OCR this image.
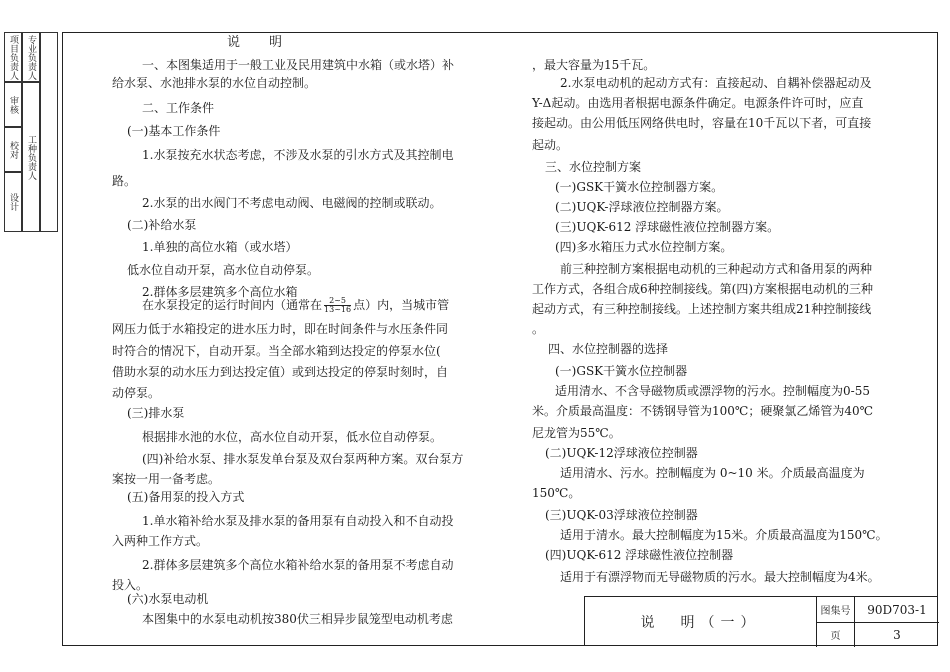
项目负责人
审核
校对
设计
专业负责人
工种负责人
说　　明
一、本图集适用于一般工业及民用建筑中水箱（或水塔）补
给水泵、水池排水泵的水位自动控制。
二、工作条件
(一)基本工作条件
1.水泵按充水状态考虑，不涉及水泵的引水方式及其控制电
路。
2.水泵的出水阀门不考虑电动阀、电磁阀的控制或联动。
(二)补给水泵
1.单独的高位水箱（或水塔）
低水位自动开泵，高水位自动停泵。
2.群体多层建筑多个高位水箱
在水泵投定的运行时间内（通常在 $\frac{2\sim 5}{13\sim 16}$ 点）内，当城市管
网压力低于水箱投定的进水压力时，即在时间条件与水压条件同
时符合的情况下，自动开泵。当全部水箱到达投定的停泵水位(
借助水泵的动水压力到达投定值）或到达投定的停泵时刻时，自
动停泵。
(三)排水泵
根据排水池的水位，高水位自动开泵，低水位自动停泵。
(四)补给水泵、排水泵发单台泵及双台泵两种方案。双台泵方
案按一用一备考虑。
(五)备用泵的投入方式
1.单水箱补给水泵及排水泵的备用泵有自动投入和不自动投
入两种工作方式。
2.群体多层建筑多个高位水箱补给水泵的备用泵不考虑自动
投入。
(六)水泵电动机
本图集中的水泵电动机按380伏三相异步鼠笼型电动机考虑
，最大容量为15千瓦。
2.水泵电动机的起动方式有：直接起动、自耦补偿器起动及
Y-Δ起动。由选用者根据电源条件确定。电源条件许可时，应直
接起动。由公用低压网络供电时，容量在10千瓦以下者，可直接
起动。
三、水位控制方案
(一)GSK干簧水位控制器方案。
(二)UQK-浮球液位控制器方案。
(三)UQK-612 浮球磁性液位控制器方案。
(四)多水箱压力式水位控制方案。
前三种控制方案根据电动机的三种起动方式和备用泵的两种
工作方式，各组合成6种控制接线。第(四)方案根据电动机的三种
起动方式，有三种控制接线。上述控制方案共组成21种控制接线
。
四、水位控制器的选择
(一)GSK干簧水位控制器
适用清水、不含导磁物质或漂浮物的污水。控制幅度为0-55
米。介质最高温度：不锈钢导管为100℃；硬聚氯乙烯管为40℃
尼龙管为55℃。
(二)UQK-12浮球液位控制器
适用清水、污水。控制幅度为 0~10 米。介质最高温度为
150℃。
(三)UQK-03浮球液位控制器
适用于清水。最大控制幅度为15米。介质最高温度为150℃。
(四)UQK-612 浮球磁性液位控制器
适用于有漂浮物而无导磁物质的污水。最大控制幅度为4米。
说　明（一）
图集号	90D703-1
页	3
